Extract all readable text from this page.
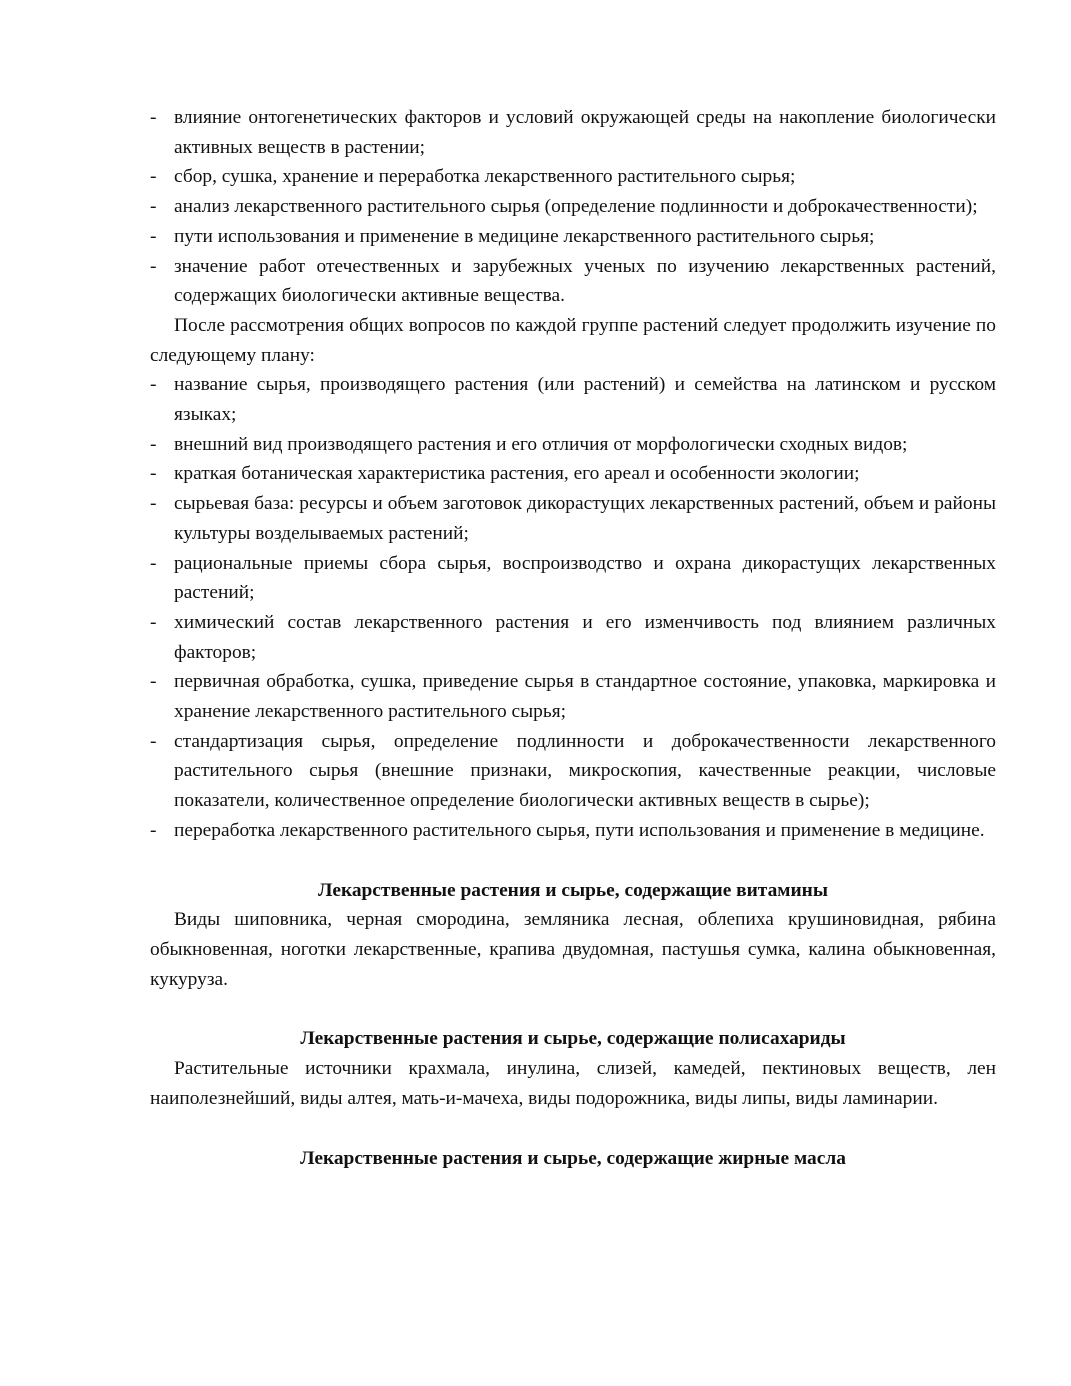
- влияние онтогенетических факторов и условий окружающей среды на накопление биологически активных веществ в растении;
- сбор, сушка, хранение и переработка лекарственного растительного сырья;
- анализ лекарственного растительного сырья (определение подлинности и доброкачественности);
- пути использования и применение в медицине лекарственного растительного сырья;
- значение работ отечественных и зарубежных ученых по изучению лекарственных растений, содержащих биологически активные вещества.

После рассмотрения общих вопросов по каждой группе растений следует продолжить изучение по следующему плану:

- название сырья, производящего растения (или растений) и семейства на латинском и русском языках;
- внешний вид производящего растения и его отличия от морфологически сходных видов;
- краткая ботаническая характеристика растения, его ареал и особенности экологии;
- сырьевая база: ресурсы и объем заготовок дикорастущих лекарственных растений, объем и районы культуры возделываемых растений;
- рациональные приемы сбора сырья, воспроизводство и охрана дикорастущих лекарственных растений;
- химический состав лекарственного растения и его изменчивость под влиянием различных факторов;
- первичная обработка, сушка, приведение сырья в стандартное состояние, упаковка, маркировка и хранение лекарственного растительного сырья;
- стандартизация сырья, определение подлинности и доброкачественности лекарственного растительного сырья (внешние признаки, микроскопия, качественные реакции, числовые показатели, количественное определение биологически активных веществ в сырье);
- переработка лекарственного растительного сырья, пути использования и применение в медицине.
Лекарственные растения и сырье, содержащие витамины

Виды шиповника, черная смородина, земляника лесная, облепиха крушиновидная, рябина обыкновенная, ноготки лекарственные, крапива двудомная, пастушья сумка, калина обыкновенная, кукуруза.

Лекарственные растения и сырье, содержащие полисахариды

Растительные источники крахмала, инулина, слизей, камедей, пектиновых веществ, лен наиполезнейший, виды алтея, мать-и-мачеха, виды подорожника, виды липы, виды ламинарии.

Лекарственные растения и сырье, содержащие жирные масла
